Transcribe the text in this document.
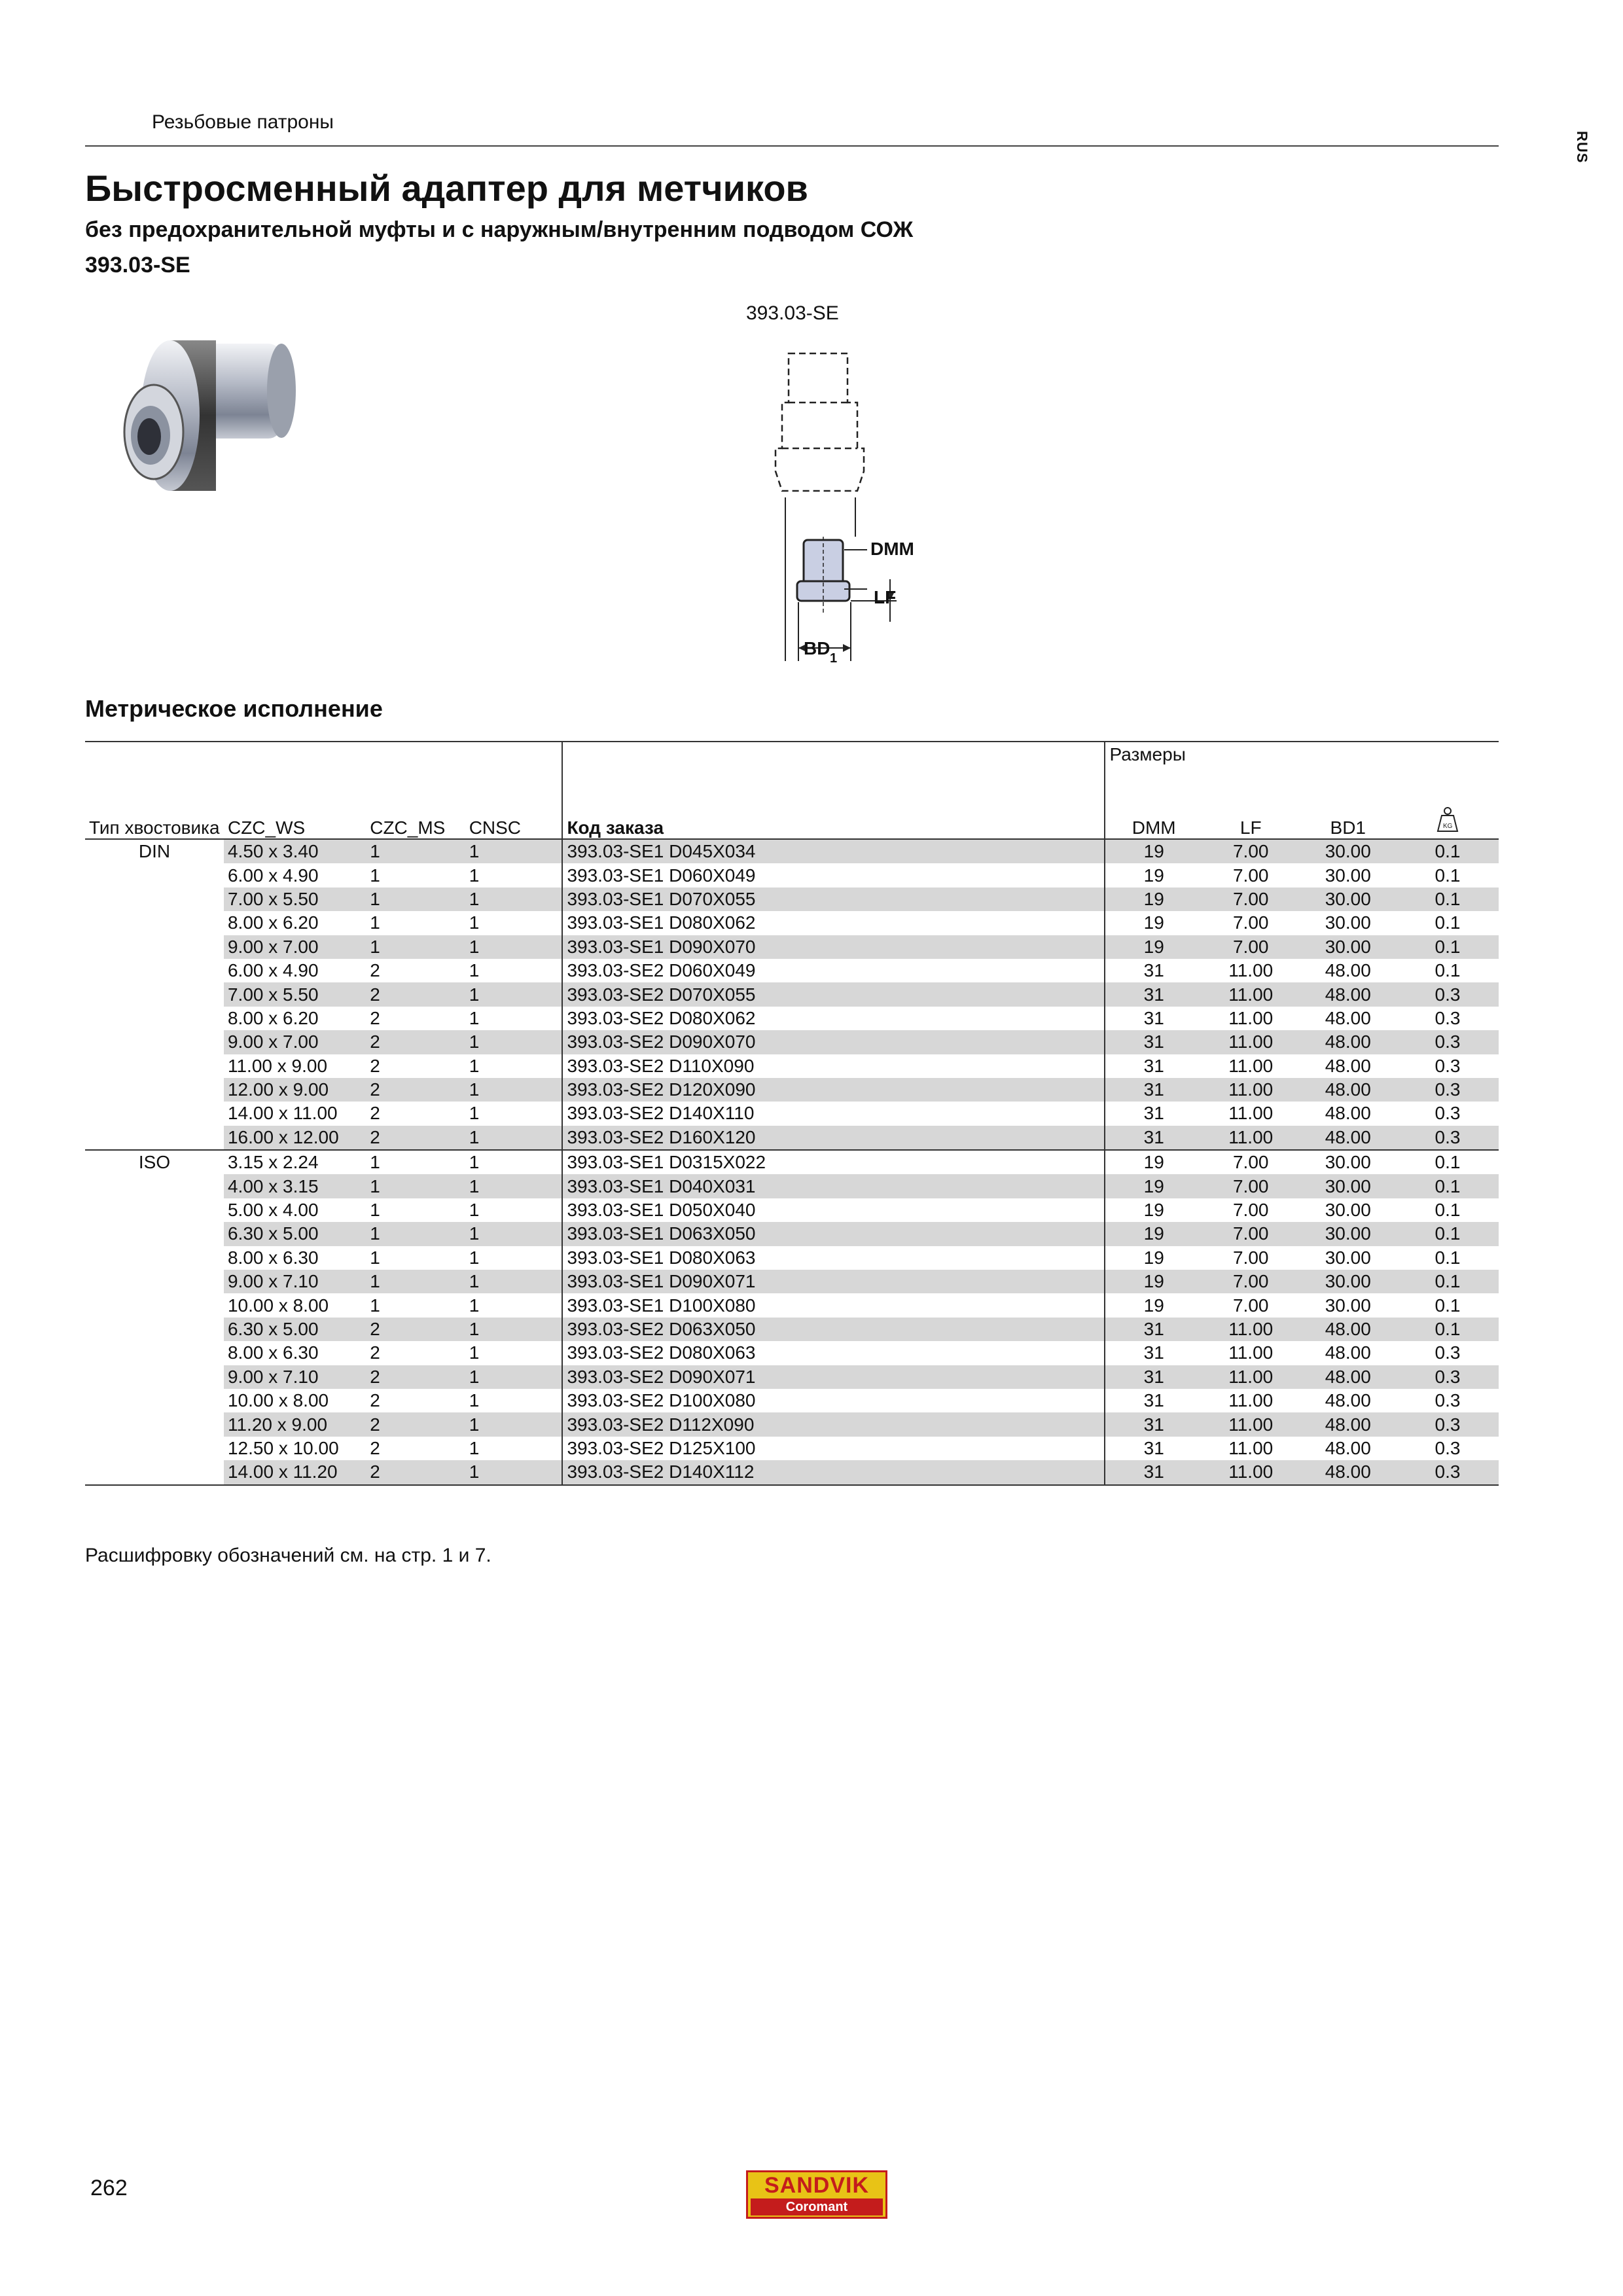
Резьбовые патроны
RUS
Быстросменный адаптер для метчиков
без предохранительной муфты и с наружным/внутренним подводом СОЖ
393.03-SE
393.03-SE
DMM
LF
BD 1
Метрическое исполнение
					Размеры			
Тип хвостовика	CZC_WS	CZC_MS	CNSC	Код заказа	DMM	LF	BD1	KG

DIN	4.50 x 3.40	1	1	393.03-SE1 D045X034	19	7.00	30.00	0.1
	6.00 x 4.90	1	1	393.03-SE1 D060X049	19	7.00	30.00	0.1
	7.00 x 5.50	1	1	393.03-SE1 D070X055	19	7.00	30.00	0.1
	8.00 x 6.20	1	1	393.03-SE1 D080X062	19	7.00	30.00	0.1
	9.00 x 7.00	1	1	393.03-SE1 D090X070	19	7.00	30.00	0.1
	6.00 x 4.90	2	1	393.03-SE2 D060X049	31	11.00	48.00	0.1
	7.00 x 5.50	2	1	393.03-SE2 D070X055	31	11.00	48.00	0.3
	8.00 x 6.20	2	1	393.03-SE2 D080X062	31	11.00	48.00	0.3
	9.00 x 7.00	2	1	393.03-SE2 D090X070	31	11.00	48.00	0.3
	11.00 x 9.00	2	1	393.03-SE2 D110X090	31	11.00	48.00	0.3
	12.00 x 9.00	2	1	393.03-SE2 D120X090	31	11.00	48.00	0.3
	14.00 x 11.00	2	1	393.03-SE2 D140X110	31	11.00	48.00	0.3
	16.00 x 12.00	2	1	393.03-SE2 D160X120	31	11.00	48.00	0.3
ISO	3.15 x 2.24	1	1	393.03-SE1 D0315X022	19	7.00	30.00	0.1
	4.00 x 3.15	1	1	393.03-SE1 D040X031	19	7.00	30.00	0.1
	5.00 x 4.00	1	1	393.03-SE1 D050X040	19	7.00	30.00	0.1
	6.30 x 5.00	1	1	393.03-SE1 D063X050	19	7.00	30.00	0.1
	8.00 x 6.30	1	1	393.03-SE1 D080X063	19	7.00	30.00	0.1
	9.00 x 7.10	1	1	393.03-SE1 D090X071	19	7.00	30.00	0.1
	10.00 x 8.00	1	1	393.03-SE1 D100X080	19	7.00	30.00	0.1
	6.30 x 5.00	2	1	393.03-SE2 D063X050	31	11.00	48.00	0.1
	8.00 x 6.30	2	1	393.03-SE2 D080X063	31	11.00	48.00	0.3
	9.00 x 7.10	2	1	393.03-SE2 D090X071	31	11.00	48.00	0.3
	10.00 x 8.00	2	1	393.03-SE2 D100X080	31	11.00	48.00	0.3
	11.20 x 9.00	2	1	393.03-SE2 D112X090	31	11.00	48.00	0.3
	12.50 x 10.00	2	1	393.03-SE2 D125X100	31	11.00	48.00	0.3
	14.00 x 11.20	2	1	393.03-SE2 D140X112	31	11.00	48.00	0.3
Расшифровку обозначений см. на стр. 1 и 7.
262	SANDVIK
Coromant
